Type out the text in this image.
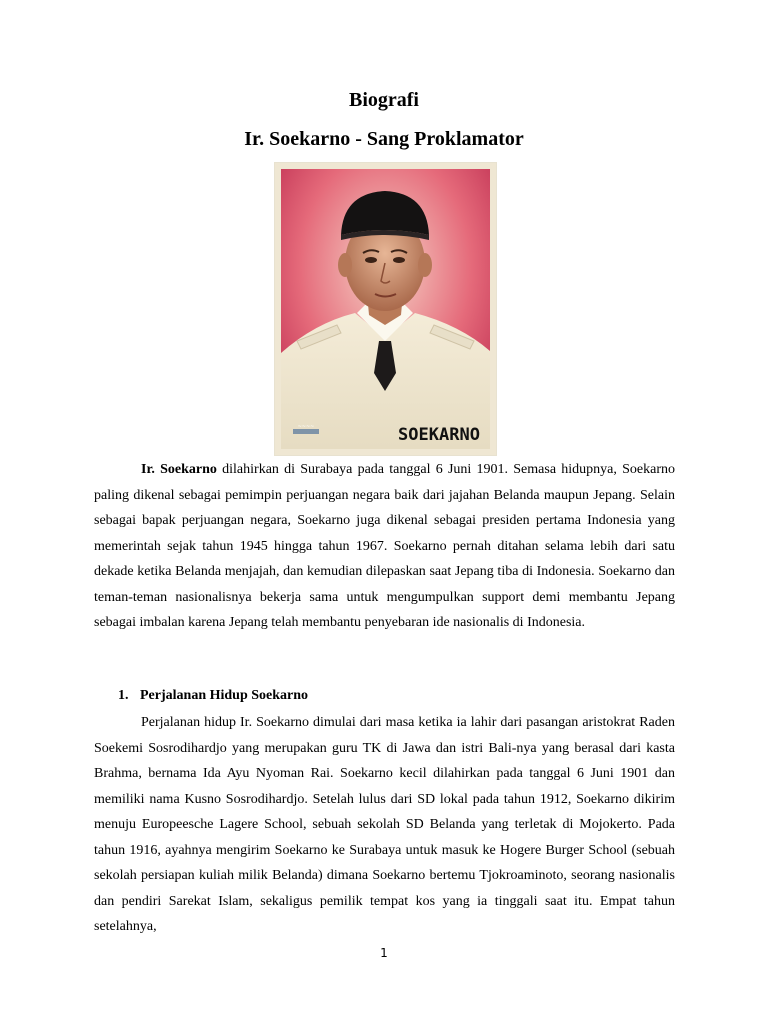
Biografi
Ir. Soekarno - Sang Proklamator
~~~~	SOEKARNO

Ir. Soekarno dilahirkan di Surabaya pada tanggal 6 Juni 1901. Semasa hidupnya, Soekarno paling dikenal sebagai pemimpin perjuangan negara baik dari jajahan Belanda maupun Jepang. Selain sebagai bapak perjuangan negara, Soekarno juga dikenal sebagai presiden pertama Indonesia yang memerintah sejak tahun 1945 hingga tahun 1967. Soekarno pernah ditahan selama lebih dari satu dekade ketika Belanda menjajah, dan kemudian dilepaskan saat Jepang tiba di Indonesia. Soekarno dan teman-teman nasionalisnya bekerja sama untuk mengumpulkan support demi membantu Jepang sebagai imbalan karena Jepang telah membantu penyebaran ide nasionalis di Indonesia.

1. Perjalanan Hidup Soekarno

Perjalanan hidup Ir. Soekarno dimulai dari masa ketika ia lahir dari pasangan aristokrat Raden Soekemi Sosrodihardjo yang merupakan guru TK di Jawa dan istri Bali-nya yang berasal dari kasta Brahma, bernama Ida Ayu Nyoman Rai. Soekarno kecil dilahirkan pada tanggal 6 Juni 1901 dan memiliki nama Kusno Sosrodihardjo. Setelah lulus dari SD lokal pada tahun 1912, Soekarno dikirim menuju Europeesche Lagere School, sebuah sekolah SD Belanda yang terletak di Mojokerto. Pada tahun 1916, ayahnya mengirim Soekarno ke Surabaya untuk masuk ke Hogere Burger School (sebuah sekolah persiapan kuliah milik Belanda) dimana Soekarno bertemu Tjokroaminoto, seorang nasionalis dan pendiri Sarekat Islam, sekaligus pemilik tempat kos yang ia tinggali saat itu. Empat tahun setelahnya,

1
